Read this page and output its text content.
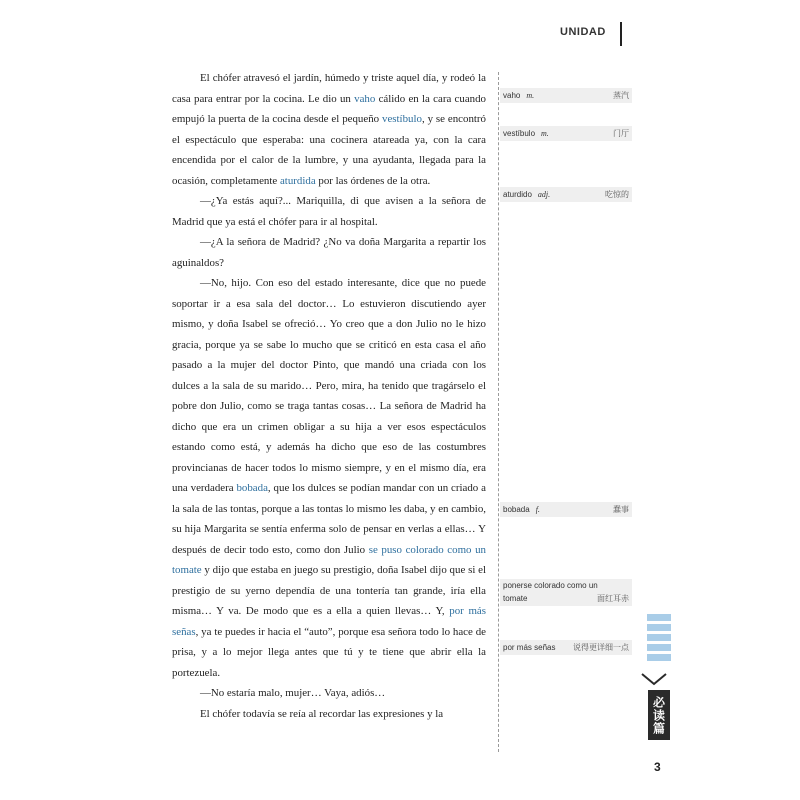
UNIDAD

El chófer atravesó el jardín, húmedo y triste aquel día, y rodeó la casa para entrar por la cocina. Le dio un vaho cálido en la cara cuando empujó la puerta de la cocina desde el pequeño vestíbulo, y se encontró el espectáculo que esperaba: una cocinera atareada ya, con la cara encendida por el calor de la lumbre, y una ayudanta, llegada para la ocasión, completamente aturdida por las órdenes de la otra.

—¿Ya estás aquí?... Mariquilla, di que avisen a la señora de Madrid que ya está el chófer para ir al hospital.

—¿A la señora de Madrid? ¿No va doña Margarita a repartir los aguinaldos?

—No, hijo. Con eso del estado interesante, dice que no puede soportar ir a esa sala del doctor… Lo estuvieron discutiendo ayer mismo, y doña Isabel se ofreció… Yo creo que a don Julio no le hizo gracia, porque ya se sabe lo mucho que se criticó en esta casa el año pasado a la mujer del doctor Pinto, que mandó una criada con los dulces a la sala de su marido… Pero, mira, ha tenido que tragárselo el pobre don Julio, como se traga tantas cosas… La señora de Madrid ha dicho que era un crimen obligar a su hija a ver esos espectáculos estando como está, y además ha dicho que eso de las costumbres provincianas de hacer todos lo mismo siempre, y en el mismo día, era una verdadera bobada, que los dulces se podían mandar con un criado a la sala de las tontas, porque a las tontas lo mismo les daba, y en cambio, su hija Margarita se sentía enferma solo de pensar en verlas a ellas… Y después de decir todo esto, como don Julio se puso colorado como un tomate y dijo que estaba en juego su prestigio, doña Isabel dijo que si el prestigio de su yerno dependía de una tontería tan grande, iría ella misma… Y va. De modo que es a ella a quien llevas… Y, por más señas, ya te puedes ir hacia el “auto”, porque esa señora todo lo hace de prisa, y a lo mejor llega antes que tú y te tiene que abrir ella la portezuela.

—No estaría malo, mujer… Vaya, adiós…

El chófer todavía se reía al recordar las expresiones y la

vaho m.	蒸汽
vestíbulo m.	门厅
aturdido adj.	吃惊的
bobada f.	蠢事
ponerse colorado como un
tomate	面红耳赤
por más señas 说得更详细一点
必读篇
3
